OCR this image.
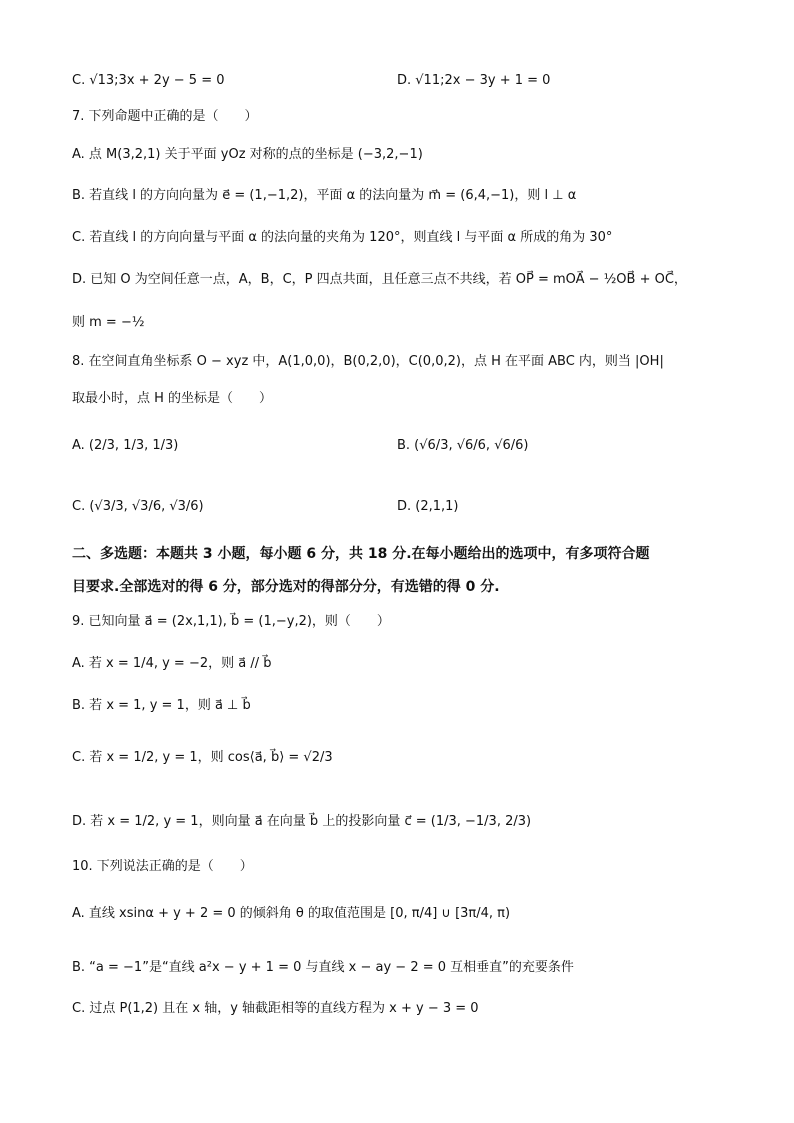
C. √13;3x + 2y − 5 = 0	D. √11;2x − 3y + 1 = 0
7. 下列命题中正确的是（　　）
A. 点 M(3,2,1) 关于平面 yOz 对称的点的坐标是 (−3,2,−1)
B. 若直线 l 的方向向量为 e⃗ = (1,−1,2)，平面 α 的法向量为 m⃗ = (6,4,−1)，则 l ⊥ α
C. 若直线 l 的方向向量与平面 α 的法向量的夹角为 120°，则直线 l 与平面 α 所成的角为 30°
D. 已知 O 为空间任意一点，A，B，C，P 四点共面，且任意三点不共线，若 OP⃗ = mOA⃗ − ½OB⃗ + OC⃗，
则 m = −½
8. 在空间直角坐标系 O − xyz 中，A(1,0,0)，B(0,2,0)，C(0,0,2)，点 H 在平面 ABC 内，则当 |OH|
取最小时，点 H 的坐标是（　　）
A. (2/3, 1/3, 1/3)	B. (√6/3, √6/6, √6/6)
C. (√3/3, √3/6, √3/6)	D. (2,1,1)
二、多选题：本题共 3 小题，每小题 6 分，共 18 分.在每小题给出的选项中，有多项符合题
目要求.全部选对的得 6 分，部分选对的得部分分，有选错的得 0 分.
9. 已知向量 a⃗ = (2x,1,1), b⃗ = (1,−y,2)，则（　　）
A. 若 x = 1/4, y = −2，则 a⃗ // b⃗
B. 若 x = 1, y = 1，则 a⃗ ⊥ b⃗
C. 若 x = 1/2, y = 1，则 cos⟨a⃗, b⃗⟩ = √2/3
D. 若 x = 1/2, y = 1，则向量 a⃗ 在向量 b⃗ 上的投影向量 c⃗ = (1/3, −1/3, 2/3)
10. 下列说法正确的是（　　）
A. 直线 xsinα + y + 2 = 0 的倾斜角 θ 的取值范围是 [0, π/4] ∪ [3π/4, π)
B. “a = −1”是“直线 a²x − y + 1 = 0 与直线 x − ay − 2 = 0 互相垂直”的充要条件
C. 过点 P(1,2) 且在 x 轴，y 轴截距相等的直线方程为 x + y − 3 = 0
